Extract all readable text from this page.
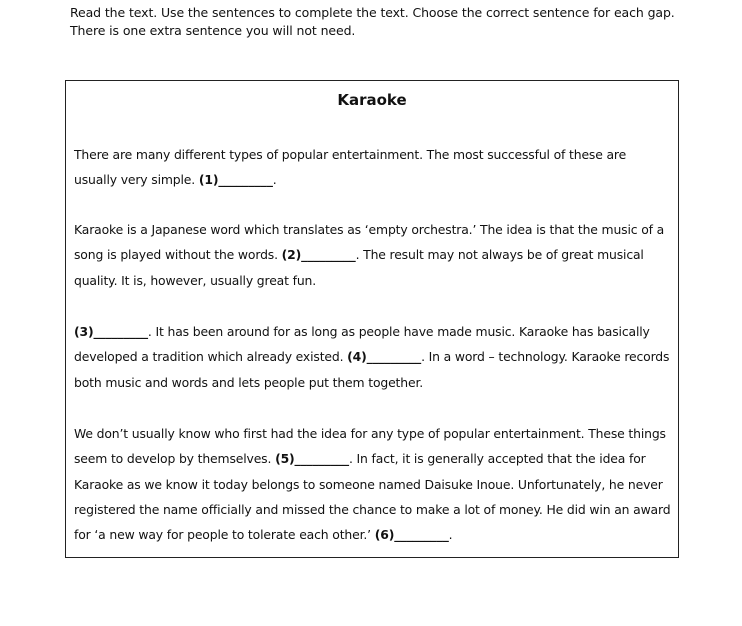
Read the text. Use the sentences to complete the text. Choose the correct sentence for each gap.

There is one extra sentence you will not need.

Karaoke

There are many different types of popular entertainment. The most successful of these are usually very simple. (1)_________.

Karaoke is a Japanese word which translates as ‘empty orchestra.’ The idea is that the music of a song is played without the words. (2)_________. The result may not always be of great musical quality. It is, however, usually great fun.

(3)_________. It has been around for as long as people have made music. Karaoke has basically developed a tradition which already existed. (4)_________. In a word – technology. Karaoke records both music and words and lets people put them together.

We don’t usually know who first had the idea for any type of popular entertainment. These things seem to develop by themselves. (5)_________. In fact, it is generally accepted that the idea for Karaoke as we know it today belongs to someone named Daisuke Inoue. Unfortunately, he never registered the name officially and missed the chance to make a lot of money. He did win an award for ‘a new way for people to tolerate each other.’ (6)_________.
